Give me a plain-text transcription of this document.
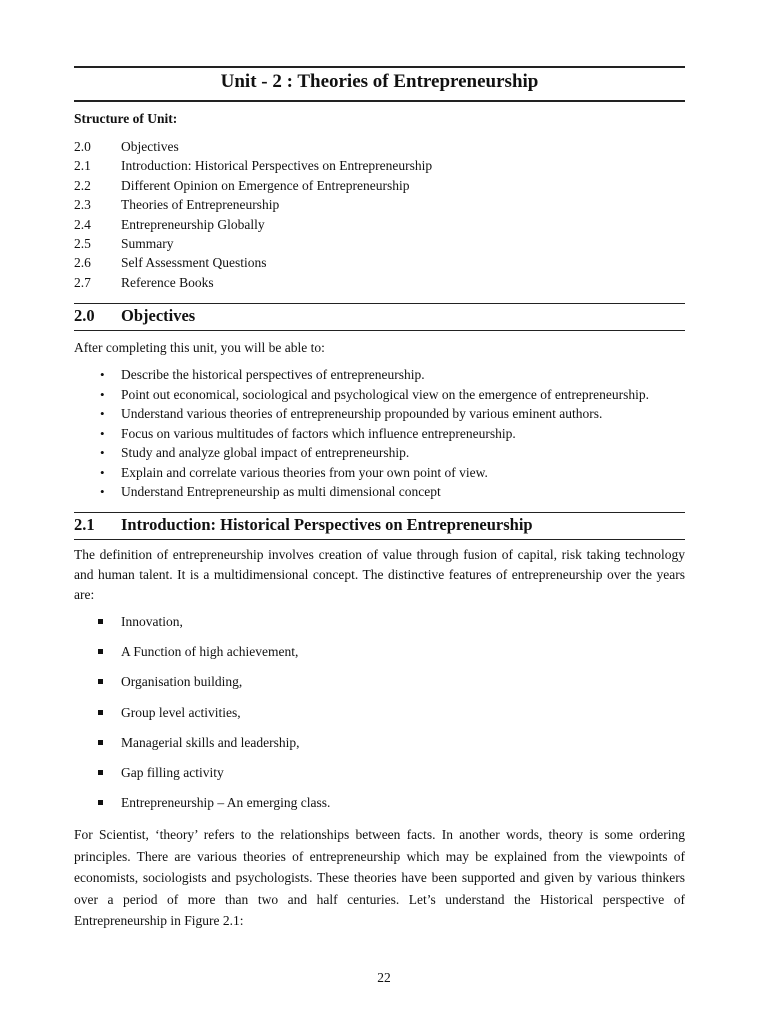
Unit - 2 : Theories of Entrepreneurship
Structure of Unit:
2.0 Objectives
2.1 Introduction: Historical Perspectives on Entrepreneurship
2.2 Different Opinion on Emergence of Entrepreneurship
2.3 Theories of Entrepreneurship
2.4 Entrepreneurship Globally
2.5 Summary
2.6 Self Assessment Questions
2.7 Reference Books
2.0 Objectives

After completing this unit, you will be able to:

• Describe the historical perspectives of entrepreneurship.
• Point out economical, sociological and psychological view on the emergence of entrepreneurship.
• Understand various theories of entrepreneurship propounded by various eminent authors.
• Focus on various multitudes of factors which influence entrepreneurship.
• Study and analyze global impact of entrepreneurship.
• Explain and correlate various theories from your own point of view.
• Understand Entrepreneurship as multi dimensional concept
2.1 Introduction: Historical Perspectives on Entrepreneurship

The definition of entrepreneurship involves creation of value through fusion of capital, risk taking technology and human talent. It is a multidimensional concept. The distinctive features of entrepreneurship over the years are:

Innovation,
A Function of high achievement,
Organisation building,
Group level activities,
Managerial skills and leadership,
Gap filling activity
Entrepreneurship – An emerging class.

For Scientist, ‘theory’ refers to the relationships between facts. In another words, theory is some ordering principles. There are various theories of entrepreneurship which may be explained from the viewpoints of economists, sociologists and psychologists. These theories have been supported and given by various thinkers over a period of more than two and half centuries. Let’s understand the Historical perspective of Entrepreneurship in Figure 2.1:

22
